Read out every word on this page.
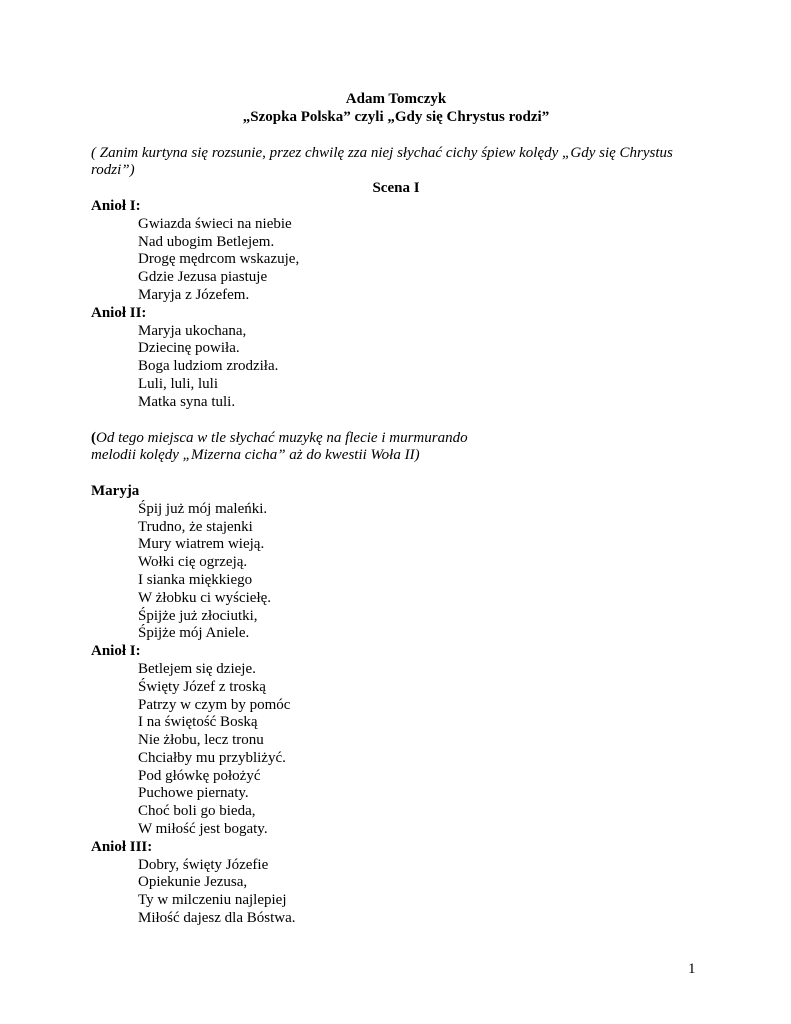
Adam Tomczyk
„Szopka Polska” czyli „Gdy się Chrystus rodzi”
( Zanim kurtyna się rozsunie, przez chwilę zza niej słychać cichy śpiew kolędy „Gdy się Chrystus rodzi”)
Scena I
Anioł I:
Gwiazda świeci na niebie
Nad ubogim Betlejem.
Drogę mędrcom wskazuje,
Gdzie Jezusa piastuje
Maryja z Józefem.
Anioł II:
Maryja ukochana,
Dziecinę powiła.
Boga ludziom zrodziła.
Luli, luli, luli
Matka syna tuli.
(Od tego miejsca w tle słychać muzykę na flecie i murmurando
melodii kolędy „Mizerna cicha” aż do kwestii Woła II)
Maryja
Śpij już mój maleńki.
Trudno, że stajenki
Mury wiatrem wieją.
Wołki cię ogrzeją.
I sianka miękkiego
W żłobku ci wyściełę.
Śpijże już złociutki,
Śpijże mój Aniele.
Anioł I:
Betlejem się dzieje.
Święty Józef z troską
Patrzy w czym by pomóc
I na świętość Boską
Nie żłobu, lecz tronu
Chciałby mu przybliżyć.
Pod główkę położyć
Puchowe piernaty.
Choć boli go bieda,
W miłość jest bogaty.
Anioł III:
Dobry, święty Józefie
Opiekunie Jezusa,
Ty w milczeniu najlepiej
Miłość dajesz dla Bóstwa.
1
